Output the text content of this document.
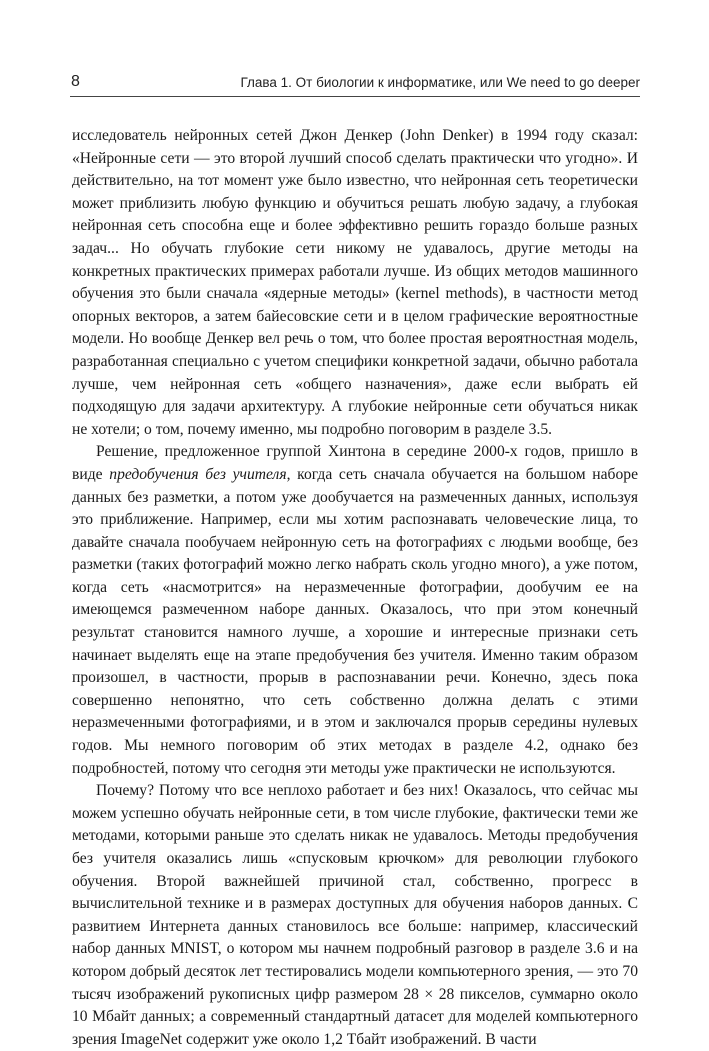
8	Глава 1. От биологии к информатике, или We need to go deeper

исследователь нейронных сетей Джон Денкер (John Denker) в 1994 году сказал: «Нейронные сети — это второй лучший способ сделать практически что угодно». И действительно, на тот момент уже было известно, что нейронная сеть теоретически может приблизить любую функцию и обучиться решать любую задачу, а глубокая нейронная сеть способна еще и более эффективно решить гораздо больше разных задач... Но обучать глубокие сети никому не удавалось, другие методы на конкретных практических примерах работали лучше. Из общих методов машинного обучения это были сначала «ядерные методы» (kernel methods), в частности метод опорных векторов, а затем байесовские сети и в целом графические вероятностные модели. Но вообще Денкер вел речь о том, что более простая вероятностная модель, разработанная специально с учетом специфики конкретной задачи, обычно работала лучше, чем нейронная сеть «общего назначения», даже если выбрать ей подходящую для задачи архитектуру. А глубокие нейронные сети обучаться никак не хотели; о том, почему именно, мы подробно поговорим в разделе 3.5.

Решение, предложенное группой Хинтона в середине 2000-х годов, пришло в виде предобучения без учителя, когда сеть сначала обучается на большом наборе данных без разметки, а потом уже дообучается на размеченных данных, используя это приближение. Например, если мы хотим распознавать человеческие лица, то давайте сначала пообучаем нейронную сеть на фотографиях с людьми вообще, без разметки (таких фотографий можно легко набрать сколь угодно много), а уже потом, когда сеть «насмотрится» на неразмеченные фотографии, дообучим ее на имеющемся размеченном наборе данных. Оказалось, что при этом конечный результат становится намного лучше, а хорошие и интересные признаки сеть начинает выделять еще на этапе предобучения без учителя. Именно таким образом произошел, в частности, прорыв в распознавании речи. Конечно, здесь пока совершенно непонятно, что сеть собственно должна делать с этими неразмеченными фотографиями, и в этом и заключался прорыв середины нулевых годов. Мы немного поговорим об этих методах в разделе 4.2, однако без подробностей, потому что сегодня эти методы уже практически не используются.

Почему? Потому что все неплохо работает и без них! Оказалось, что сейчас мы можем успешно обучать нейронные сети, в том числе глубокие, фактически теми же методами, которыми раньше это сделать никак не удавалось. Методы предобучения без учителя оказались лишь «спусковым крючком» для революции глубокого обучения. Второй важнейшей причиной стал, собственно, прогресс в вычислительной технике и в размерах доступных для обучения наборов данных. С развитием Интернета данных становилось все больше: например, классический набор данных MNIST, о котором мы начнем подробный разговор в разделе 3.6 и на котором добрый десяток лет тестировались модели компьютерного зрения, — это 70 тысяч изображений рукописных цифр размером 28 × 28 пикселов, суммарно около 10 Мбайт данных; а современный стандартный датасет для моделей компьютерного зрения ImageNet содержит уже около 1,2 Тбайт изображений. В части
